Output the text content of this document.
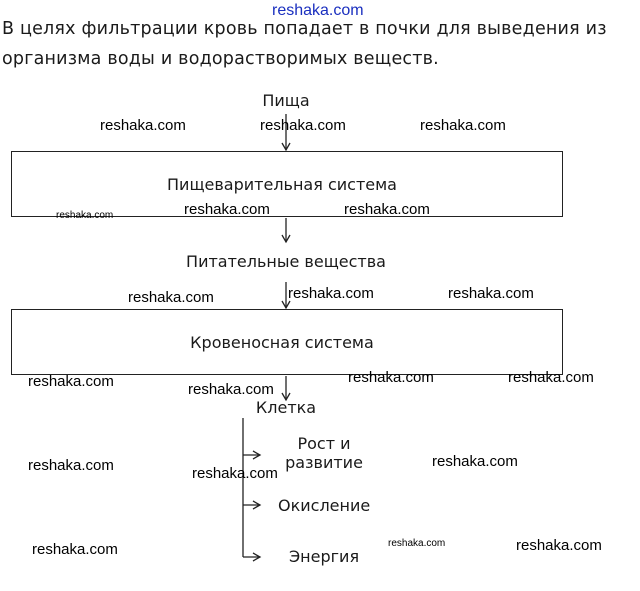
reshaka.com
В целях фильтрации кровь попадает в почки для выведения из
организма воды и водорастворимых веществ.
Пища
Пищеварительная система
Питательные вещества
Кровеносная система
Клетка
Рост и развитие
Окисление
Энергия
reshaka.com	reshaka.com	reshaka.com
reshaka.com	reshaka.com	reshaka.com
reshaka.com	reshaka.com	reshaka.com
reshaka.com	reshaka.com
reshaka.com	reshaka.com
reshaka.com	reshaka.com
reshaka.com
reshaka.com	reshaka.com	reshaka.com
